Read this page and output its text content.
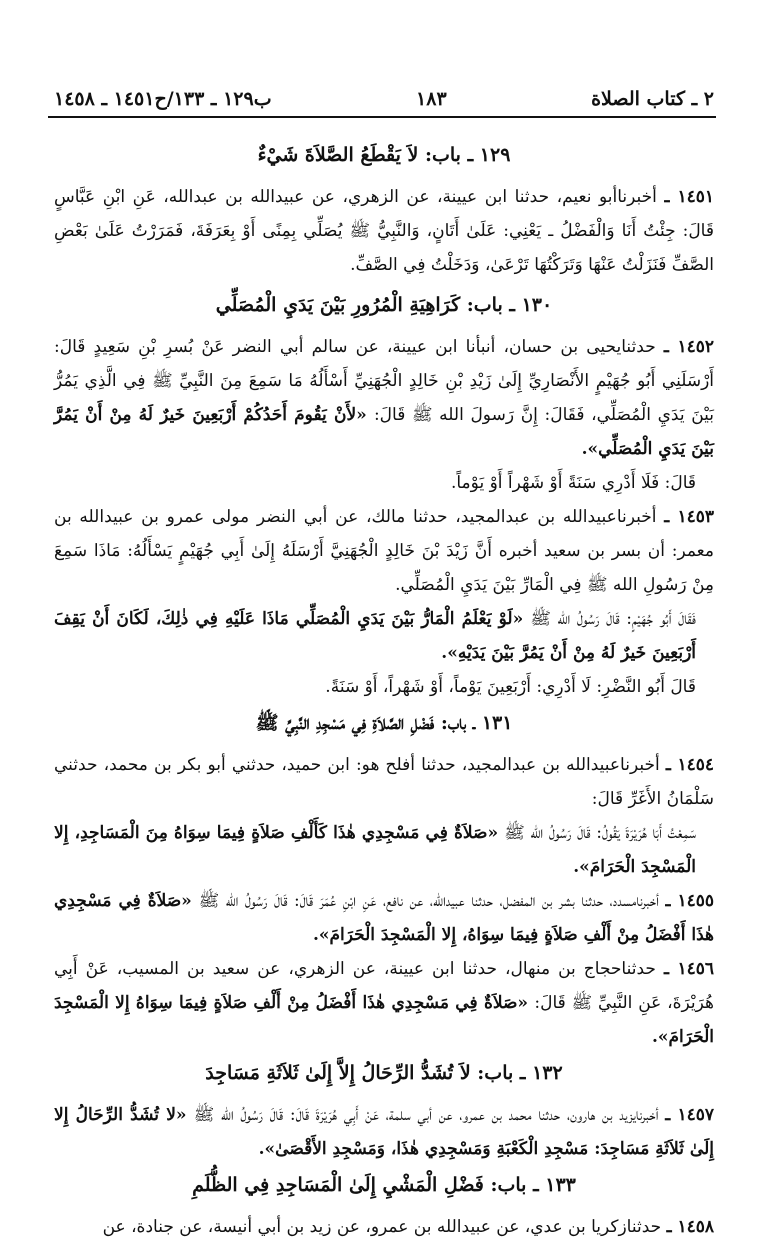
٢ ـ كتاب الصلاة
١٨٣
ب١٢٩ ـ ١٣٣/ح١٤٥١ ـ ١٤٥٨
١٢٩ ـ باب: لاَ يَقْطَعُ الصَّلاَةَ شَيْءٌ

١٤٥١ ـ أخبرناأبو نعيم، حدثنا ابن عيينة، عن الزهري، عن عبيدالله بن عبدالله، عَنِ ابْنِ عَبَّاسٍ قَالَ: جِئْتُ أَنَا وَالْفَضْلُ ـ يَعْنِي: عَلَىٰ أَتَانٍ، وَالنَّبِيُّ ﷺ يُصَلِّي بِمِنًى أَوْ بِعَرَفَةَ، فَمَرَرْتُ عَلَىٰ بَعْضِ الصَّفِّ فَنَزَلْتُ عَنْهَا وَتَرَكْتُهَا تَرْعَىٰ، وَدَخَلْتُ فِي الصَّفِّ.

١٣٠ ـ باب: كَرَاهِيَةِ الْمُرُورِ بَيْنَ يَدَيِ الْمُصَلِّي

١٤٥٢ ـ حدثنايحيى بن حسان، أنبأنا ابن عيينة، عن سالم أبي النضر عَنْ بُسرِ بْنِ سَعِيدٍ قَالَ: أَرْسَلَنِي أَبُو جُهَيْمٍ الأَنْصَارِيِّ إِلَىٰ زَيْدِ بْنِ خَالِدٍ الْجُهَنِيِّ أَسْأَلُهُ مَا سَمِعَ مِنَ النَّبِيِّ ﷺ فِي الَّذِي يَمُرُّ بَيْنَ يَدَيِ الْمُصَلِّي، فَقَالَ: إِنَّ رَسولَ الله ﷺ قَالَ: «لأَنْ يَقُومَ أَحَدُكُمْ أَرْبَعِينَ خَيرٌ لَهُ مِنْ أَنْ يَمُرَّ بَيْنَ يَدَيِ الْمُصَلِّي».

قَالَ: فَلَا أَدْرِي سَنَةً أَوْ شَهْراً أَوْ يَوْماً.

١٤٥٣ ـ أخبرناعبيدالله بن عبدالمجيد، حدثنا مالك، عن أبي النضر مولى عمرو بن عبيدالله بن معمر: أن بسر بن سعيد أخبره أَنَّ زَيْدَ بْنَ خَالِدٍ الْجُهَنِيَّ أَرْسَلَهُ إِلَىٰ أَبِي جُهَيْمٍ يَسْأَلُهُ: مَاذَا سَمِعَ مِنْ رَسُولِ الله ﷺ فِي الْمَارِّ بَيْنَ يَدَيِ الْمُصَلِّي.

فَقَالَ أَبُو جُهَيْمٍ: قَالَ رَسُولُ الله ﷺ «لَوْ يَعْلَمُ الْمَارُّ بَيْنَ يَدَيِ الْمُصَلِّي مَاذَا عَلَيْهِ فِي ذٰلِكَ، لَكَانَ أَنْ يَقِفَ أَرْبَعِينَ خَيرٌ لَهُ مِنْ أَنْ يَمُرَّ بَيْنَ يَدَيْهِ».

قَالَ أَبُو النَّضْرِ: لَا أَدْرِي: أَرْبَعِينَ يَوْماً، أَوْ شَهْراً، أَوْ سَنَةً.

١٣١ ـ باب: فَضْلِ الصَّلاَةِ فِي مَسْجِدِ النَّبِيِّ ﷺ

١٤٥٤ ـ أخبرناعبيدالله بن عبدالمجيد، حدثنا أفلح هو: ابن حميد، حدثني أبو بكر بن محمد، حدثني سَلْمَانُ الأَغَرِّ قَالَ:

سَمِعْتُ أَبَا هُرَيْرَةَ يَقُولُ: قَالَ رَسُولُ الله ﷺ «صَلاَةٌ فِي مَسْجِدِي هٰذَا كَأَلْفِ صَلاَةٍ فِيمَا سِوَاهُ مِنَ الْمَسَاجِدِ، إِلا الْمَسْجِدَ الْحَرَامَ».

١٤٥٥ ـ أخبرنامسدد، حدثنا بشر بن المفضل، حدثنا عبيدالله، عن نافع، عَنِ ابْنِ عُمَرَ قَالَ: قَالَ رَسُولُ الله ﷺ «صَلاَةٌ فِي مَسْجِدِي هٰذَا أَفْضَلُ مِنْ أَلْفِ صَلاَةٍ فِيمَا سِوَاهُ، إِلا الْمَسْجِدَ الْحَرَامَ».

١٤٥٦ ـ حدثناحجاج بن منهال، حدثنا ابن عيينة، عن الزهري، عن سعيد بن المسيب، عَنْ أَبِي هُرَيْرَةَ، عَنِ النَّبِيِّ ﷺ قَالَ: «صَلاَةٌ فِي مَسْجِدِي هٰذَا أَفْضَلُ مِنْ أَلْفِ صَلاَةٍ فِيمَا سِوَاهُ إِلا الْمَسْجِدَ الْحَرَامَ».

١٣٢ ـ باب: لاَ تُشَدُّ الرِّحَالُ إِلاَّ إِلَىٰ ثَلاَثَةِ مَسَاجِدَ

١٤٥٧ ـ أخبرنايزيد بن هارون، حدثنا محمد بن عمرو، عن أبي سلمة، عَنْ أَبِي هُرَيْرَةَ قَالَ: قَالَ رَسُولُ الله ﷺ «لا تُشَدُّ الرِّحَالُ إِلا إِلَىٰ ثَلاَثَةِ مَسَاجِدَ: مَسْجِدِ الْكَعْبَةِ وَمَسْجِدِي هٰذَا، وَمَسْجِدِ الأَقْصَىٰ».

١٣٣ ـ باب: فَضْلِ الْمَشْيِ إِلَىٰ الْمَسَاجِدِ فِي الظُّلَمِ

١٤٥٨ ـ حدثنازكريا بن عدي، عن عبيدالله بن عمرو، عن زيد بن أبي أنيسة، عن جنادة، عن
